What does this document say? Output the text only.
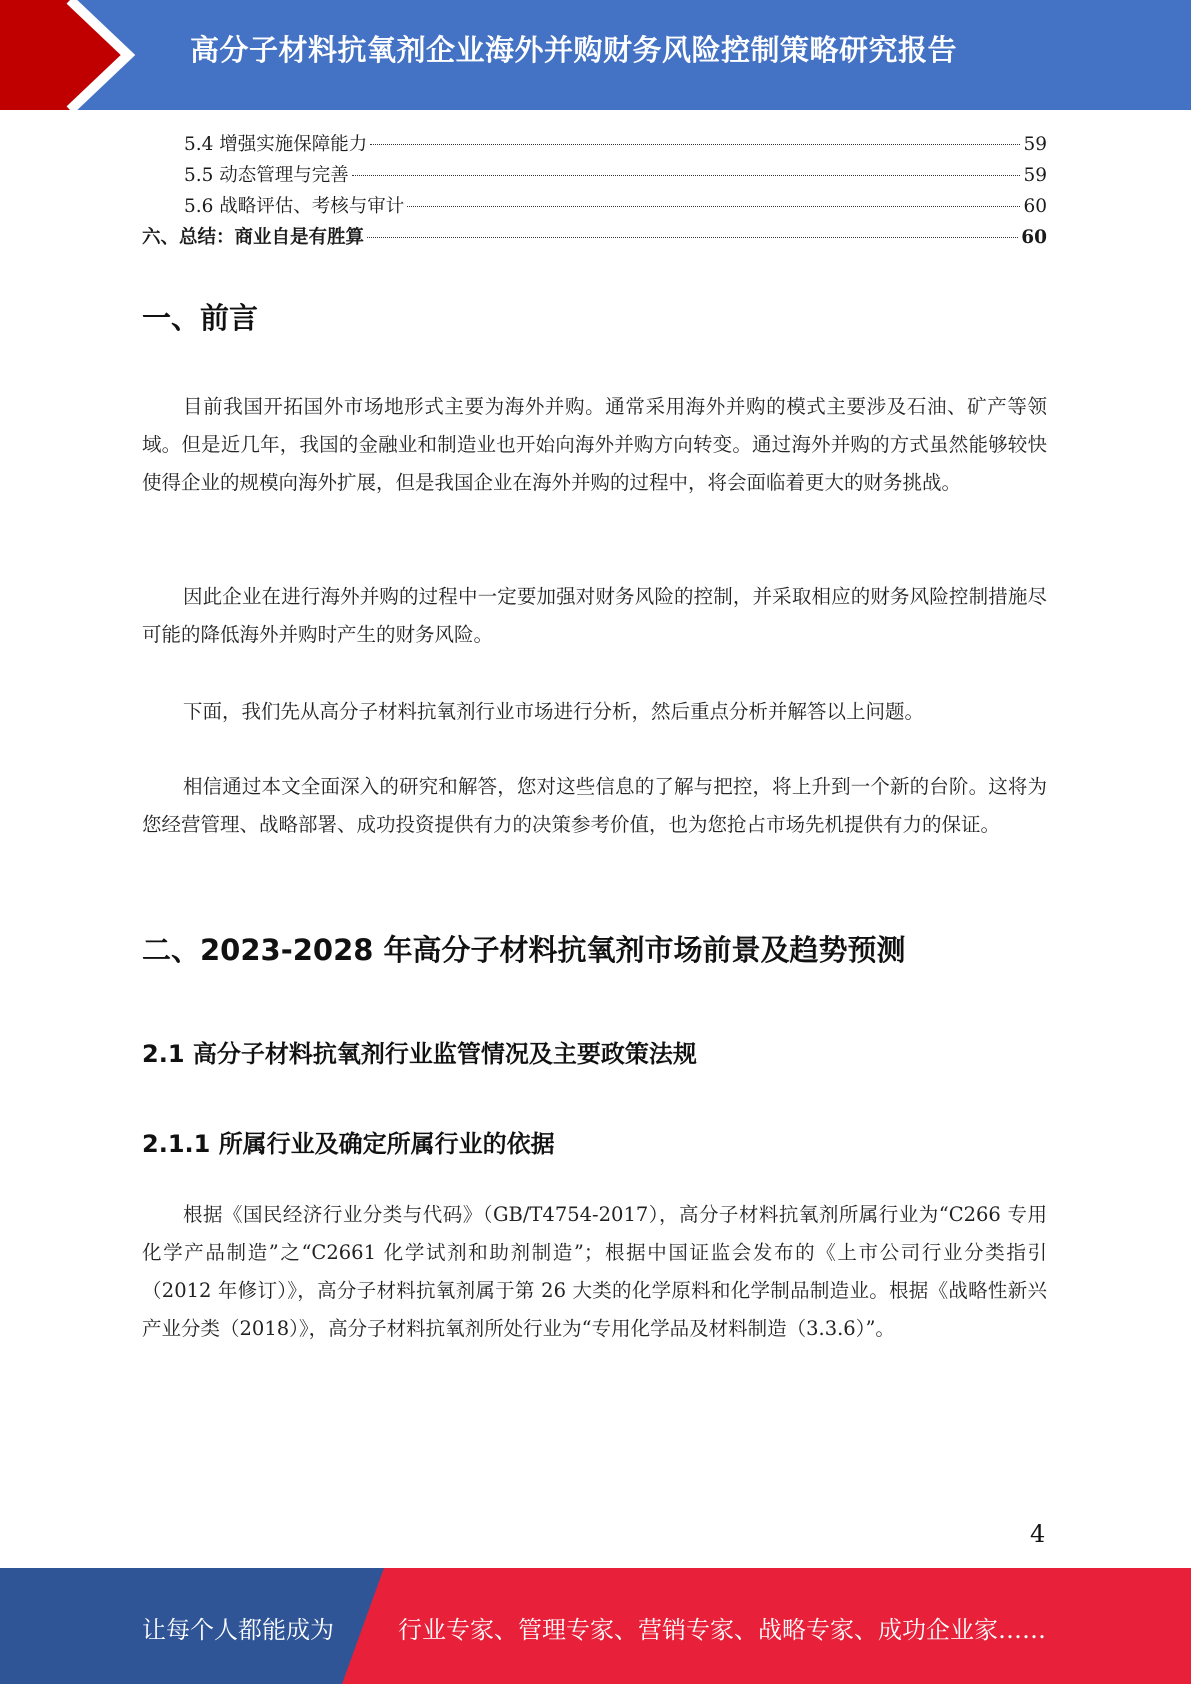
高分子材料抗氧剂企业海外并购财务风险控制策略研究报告
5.4 增强实施保障能力	59
5.5 动态管理与完善	59
5.6 战略评估、考核与审计	60
六、总结：商业自是有胜算	60
一、前言

目前我国开拓国外市场地形式主要为海外并购。通常采用海外并购的模式主要涉及石油、矿产等领域。但是近几年，我国的金融业和制造业也开始向海外并购方向转变。通过海外并购的方式虽然能够较快使得企业的规模向海外扩展，但是我国企业在海外并购的过程中，将会面临着更大的财务挑战。

因此企业在进行海外并购的过程中一定要加强对财务风险的控制，并采取相应的财务风险控制措施尽可能的降低海外并购时产生的财务风险。

下面，我们先从高分子材料抗氧剂行业市场进行分析，然后重点分析并解答以上问题。

相信通过本文全面深入的研究和解答，您对这些信息的了解与把控，将上升到一个新的台阶。这将为您经营管理、战略部署、成功投资提供有力的决策参考价值，也为您抢占市场先机提供有力的保证。

二、2023-2028 年高分子材料抗氧剂市场前景及趋势预测
2.1 高分子材料抗氧剂行业监管情况及主要政策法规
2.1.1 所属行业及确定所属行业的依据

根据《国民经济行业分类与代码》（GB/T4754-2017），高分子材料抗氧剂所属行业为“C266 专用化学产品制造”之“C2661 化学试剂和助剂制造”；根据中国证监会发布的《上市公司行业分类指引（2012 年修订）》，高分子材料抗氧剂属于第 26 大类的化学原料和化学制品制造业。根据《战略性新兴产业分类（2018）》，高分子材料抗氧剂所处行业为“专用化学品及材料制造（3.3.6）”。

4
让每个人都能成为	行业专家、管理专家、营销专家、战略专家、成功企业家……
